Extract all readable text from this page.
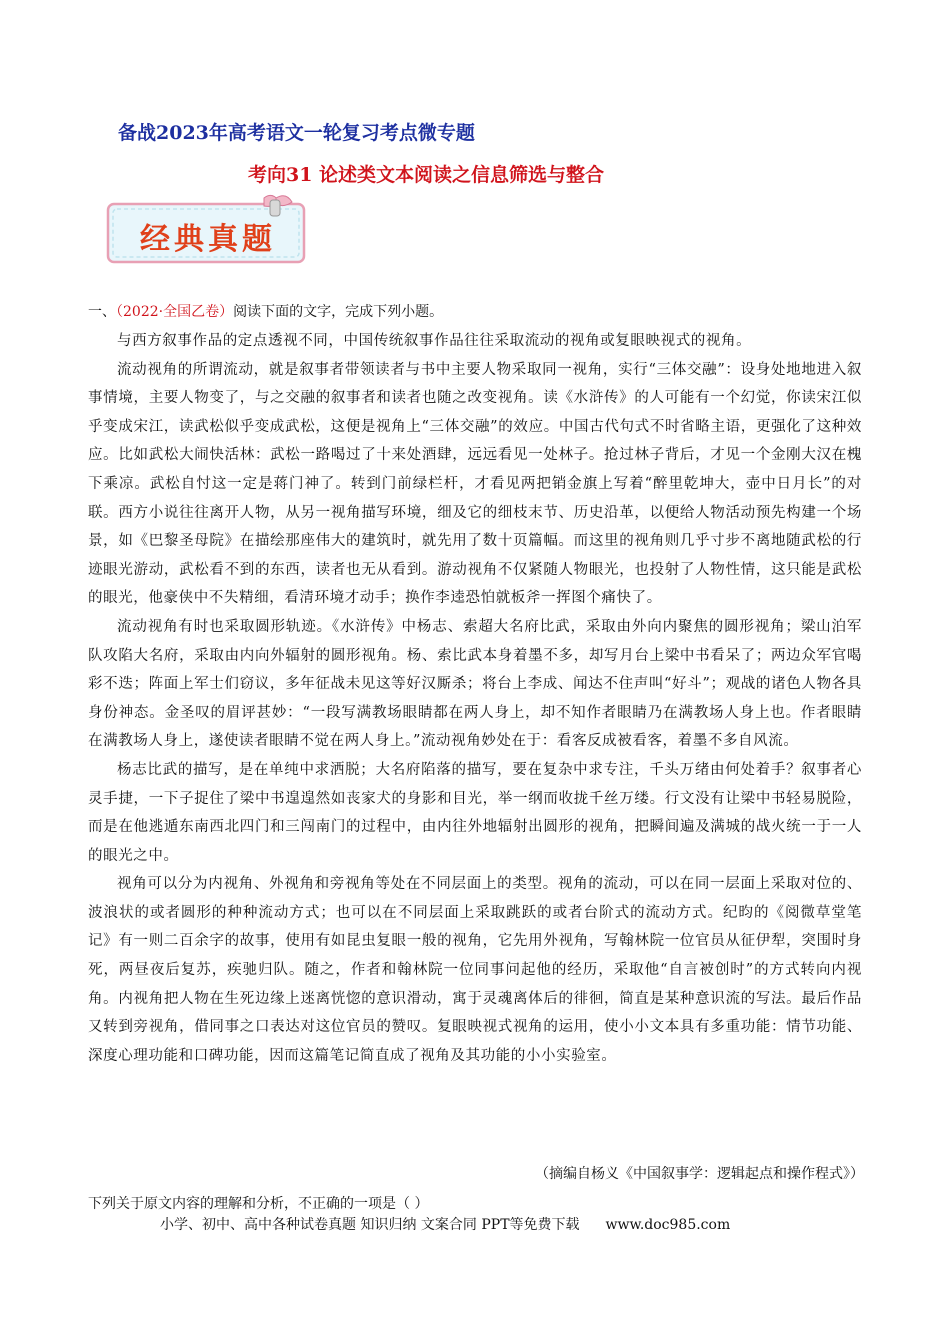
备战2023年高考语文一轮复习考点微专题
考向31 论述类文本阅读之信息筛选与整合
经典真题
一、（2022·全国乙卷）阅读下面的文字，完成下列小题。

与西方叙事作品的定点透视不同，中国传统叙事作品往往采取流动的视角或复眼映视式的视角。

流动视角的所谓流动，就是叙事者带领读者与书中主要人物采取同一视角，实行“三体交融”：设身处地地进入叙事情境，主要人物变了，与之交融的叙事者和读者也随之改变视角。读《水浒传》的人可能有一个幻觉，你读宋江似乎变成宋江，读武松似乎变成武松，这便是视角上“三体交融”的效应。中国古代句式不时省略主语，更强化了这种效应。比如武松大闹快活林：武松一路喝过了十来处酒肆，远远看见一处林子。抢过林子背后，才见一个金刚大汉在槐下乘凉。武松自忖这一定是蒋门神了。转到门前绿栏杆，才看见两把销金旗上写着“醉里乾坤大，壶中日月长”的对联。西方小说往往离开人物，从另一视角描写环境，细及它的细枝末节、历史沿革，以便给人物活动预先构建一个场景，如《巴黎圣母院》在描绘那座伟大的建筑时，就先用了数十页篇幅。而这里的视角则几乎寸步不离地随武松的行迹眼光游动，武松看不到的东西，读者也无从看到。游动视角不仅紧随人物眼光，也投射了人物性情，这只能是武松的眼光，他豪侠中不失精细，看清环境才动手；换作李逵恐怕就板斧一挥图个痛快了。

流动视角有时也采取圆形轨迹。《水浒传》中杨志、索超大名府比武，采取由外向内聚焦的圆形视角；梁山泊军队攻陷大名府，采取由内向外辐射的圆形视角。杨、索比武本身着墨不多，却写月台上梁中书看呆了；两边众军官喝彩不迭；阵面上军士们窃议，多年征战未见这等好汉厮杀；将台上李成、闻达不住声叫“好斗”；观战的诸色人物各具身份神态。金圣叹的眉评甚妙：“一段写满教场眼睛都在两人身上，却不知作者眼睛乃在满教场人身上也。作者眼睛在满教场人身上，遂使读者眼睛不觉在两人身上。”流动视角妙处在于：看客反成被看客，着墨不多自风流。

杨志比武的描写，是在单纯中求洒脱；大名府陷落的描写，要在复杂中求专注，千头万绪由何处着手？叙事者心灵手捷，一下子捉住了梁中书遑遑然如丧家犬的身影和目光，举一纲而收拢千丝万缕。行文没有让梁中书轻易脱险，而是在他逃遁东南西北四门和三闯南门的过程中，由内往外地辐射出圆形的视角，把瞬间遍及满城的战火统一于一人的眼光之中。

视角可以分为内视角、外视角和旁视角等处在不同层面上的类型。视角的流动，可以在同一层面上采取对位的、波浪状的或者圆形的种种流动方式；也可以在不同层面上采取跳跃的或者台阶式的流动方式。纪昀的《阅微草堂笔记》有一则二百余字的故事，使用有如昆虫复眼一般的视角，它先用外视角，写翰林院一位官员从征伊犁，突围时身死，两昼夜后复苏，疾驰归队。随之，作者和翰林院一位同事问起他的经历，采取他“自言被创时”的方式转向内视角。内视角把人物在生死边缘上迷离恍惚的意识滑动，寓于灵魂离体后的徘徊，简直是某种意识流的写法。最后作品又转到旁视角，借同事之口表达对这位官员的赞叹。复眼映视式视角的运用，使小小文本具有多重功能：情节功能、深度心理功能和口碑功能，因而这篇笔记简直成了视角及其功能的小小实验室。

（摘编自杨义《中国叙事学：逻辑起点和操作程式》）
下列关于原文内容的理解和分析，不正确的一项是（ ）
小学、初中、高中各种试卷真题 知识归纳 文案合同 PPT等免费下载 www.doc985.com
